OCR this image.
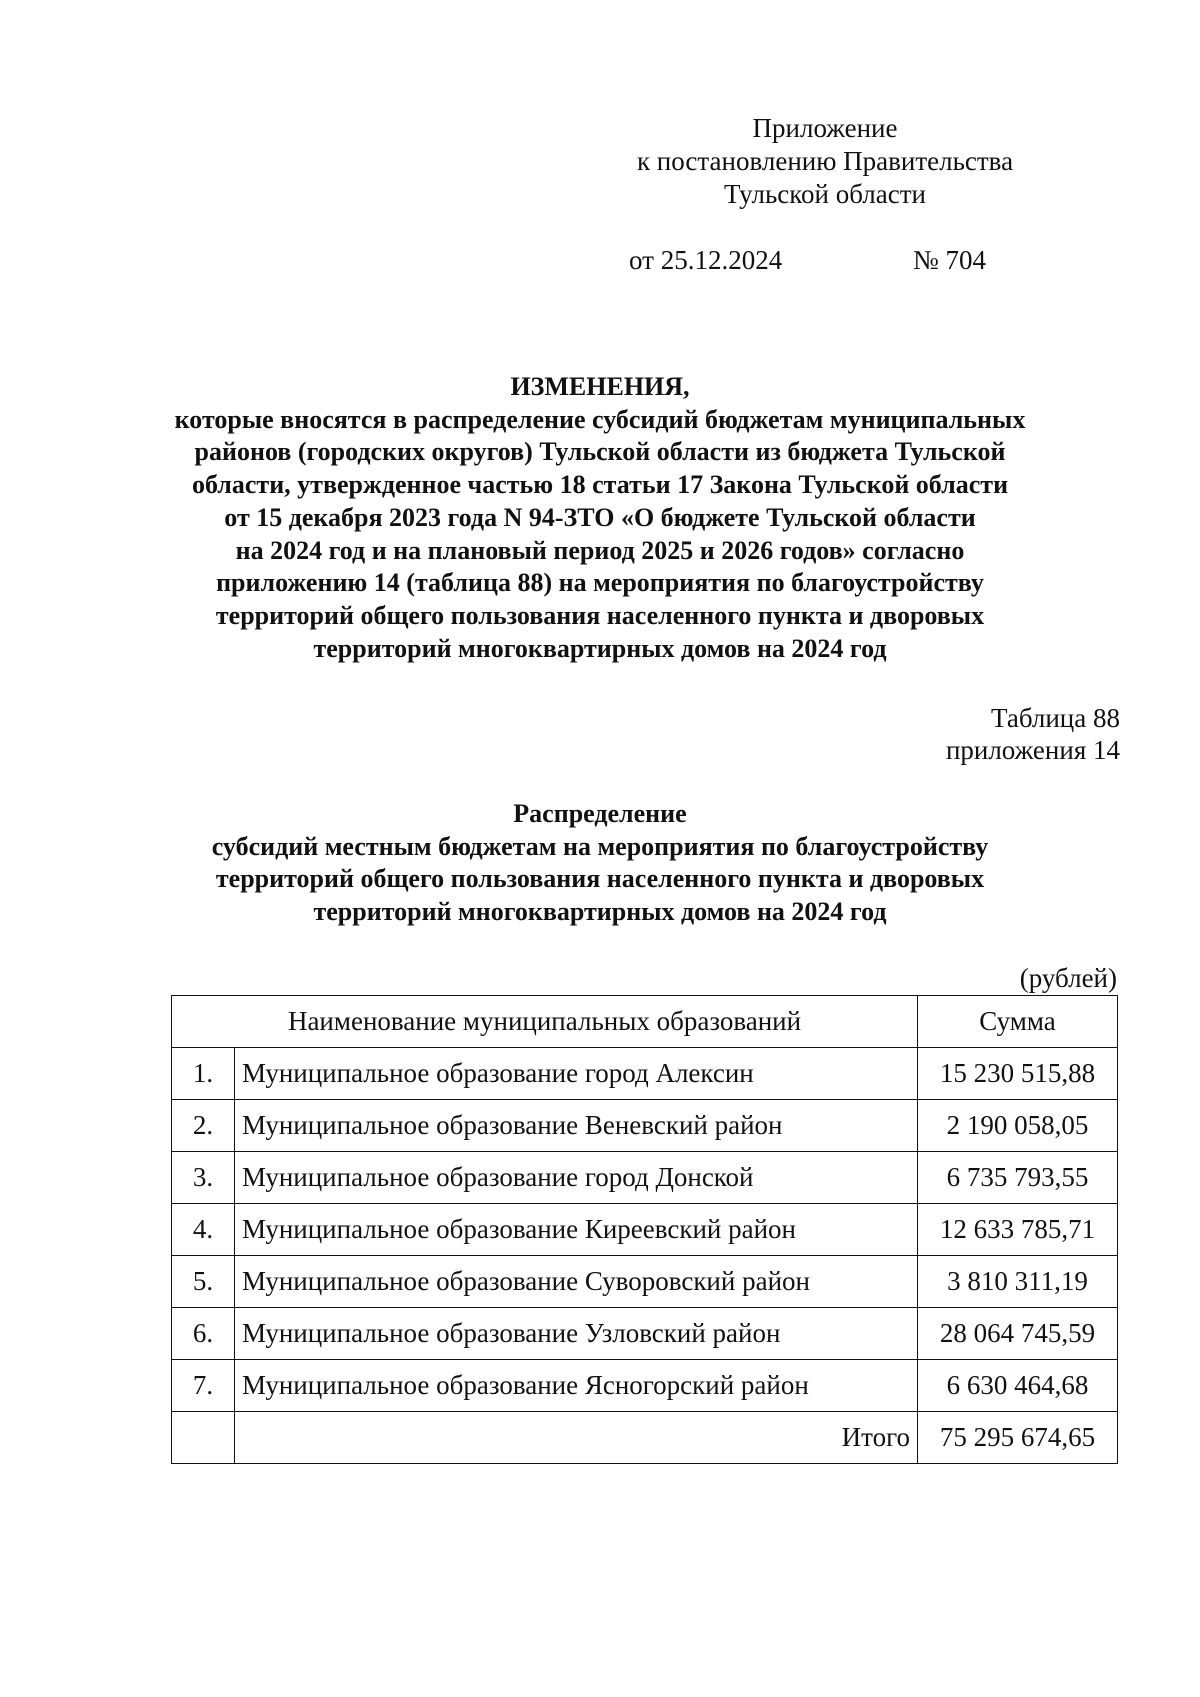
Приложение
к постановлению Правительства
Тульской области
от 25.12.2024	№ 704
ИЗМЕНЕНИЯ,
которые вносятся в распределение субсидий бюджетам муниципальных
районов (городских округов) Тульской области из бюджета Тульской
области, утвержденное частью 18 статьи 17 Закона Тульской области
от 15 декабря 2023 года N 94-ЗТО «О бюджете Тульской области
на 2024 год и на плановый период 2025 и 2026 годов» согласно
приложению 14 (таблица 88) на мероприятия по благоустройству
территорий общего пользования населенного пункта и дворовых
территорий многоквартирных домов на 2024 год
Таблица 88
приложения 14
Распределение
субсидий местным бюджетам на мероприятия по благоустройству
территорий общего пользования населенного пункта и дворовых
территорий многоквартирных домов на 2024 год
(рублей)
Наименование муниципальных образований		Сумма
1.	Муниципальное образование город Алексин	15 230 515,88
2.	Муниципальное образование Веневский район	2 190 058,05
3.	Муниципальное образование город Донской	6 735 793,55
4.	Муниципальное образование Киреевский район	12 633 785,71
5.	Муниципальное образование Суворовский район	3 810 311,19
6.	Муниципальное образование Узловский район	28 064 745,59
7.	Муниципальное образование Ясногорский район	6 630 464,68
	Итого	75 295 674,65
